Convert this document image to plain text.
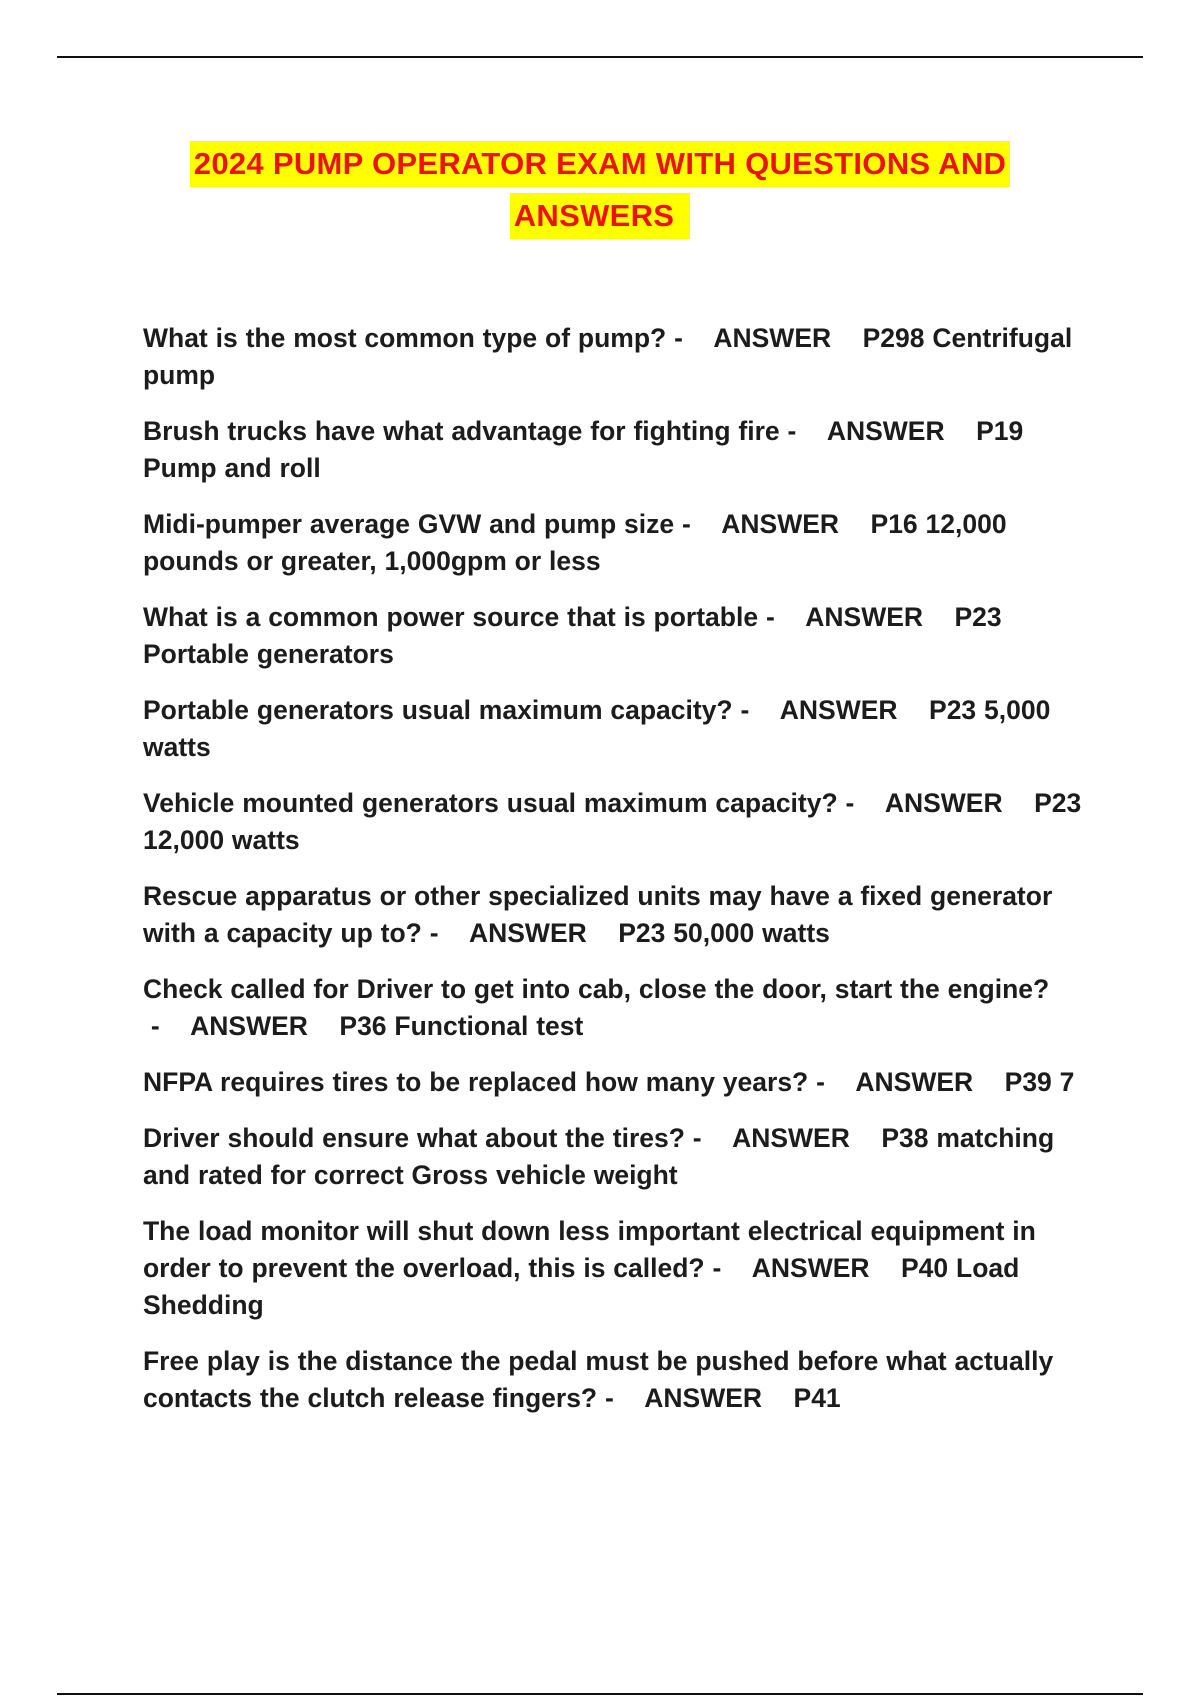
2024 PUMP OPERATOR EXAM WITH QUESTIONS AND
ANSWERS
What is the most common type of pump? -    ANSWER P298 Centrifugal pump
Brush trucks have what advantage for fighting fire -    ANSWER P19 Pump and roll
Midi-pumper average GVW and pump size -    ANSWER P16 12,000 pounds or greater, 1,000gpm or less
What is a common power source that is portable -    ANSWER P23 Portable generators
Portable generators usual maximum capacity? -    ANSWER P23 5,000 watts
Vehicle mounted generators usual maximum capacity? -    ANSWER P23 12,000 watts
Rescue apparatus or other specialized units may have a fixed generator with a capacity up to? -    ANSWER P23 50,000 watts
Check called for Driver to get into cab, close the door, start the engine? -    ANSWER P36 Functional test
NFPA requires tires to be replaced how many years? -    ANSWER P39 7
Driver should ensure what about the tires? -    ANSWER P38 matching and rated for correct Gross vehicle weight
The load monitor will shut down less important electrical equipment in order to prevent the overload, this is called? -    ANSWER P40 Load Shedding
Free play is the distance the pedal must be pushed before what actually contacts the clutch release fingers? -    ANSWER P41
